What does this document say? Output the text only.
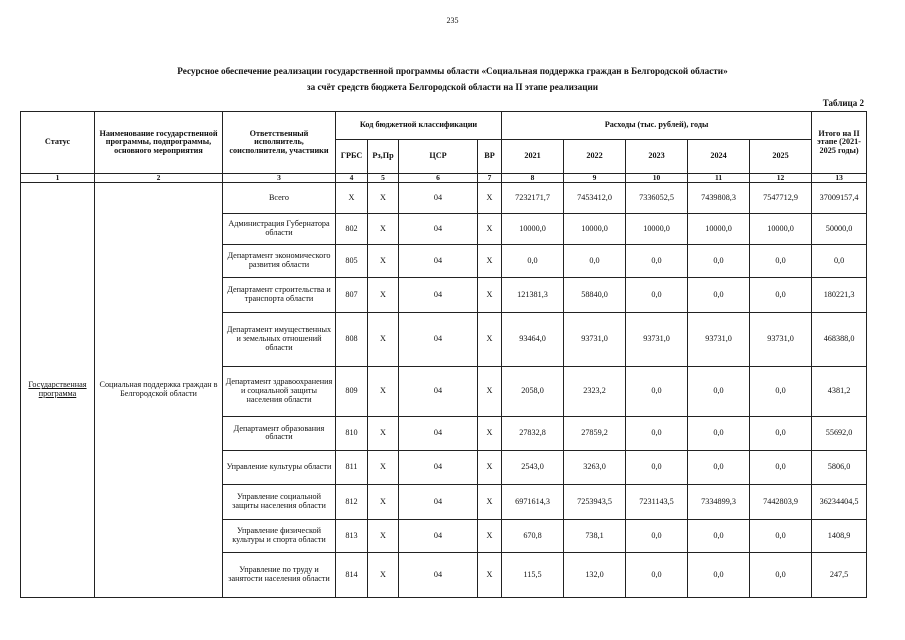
235
Ресурсное обеспечение реализации государственной программы области «Социальная поддержка граждан в Белгородской области»
за счёт средств бюджета Белгородской области на II этапе реализации
Таблица 2
Статус	Наименование государственной программы, подпрограммы, основного мероприятия	Ответственный исполнитель, соисполнители, участники	Код бюджетной классификации				Расходы (тыс. рублей), годы					Итого на II этапе (2021-2025 годы)
			ГРБС	Рз,Пр	ЦСР	ВР	2021	2022	2023	2024	2025	
1	2	3	4	5	6	7	8	9	10	11	12	13
Государственная программа	Социальная поддержка граждан в Белгородской области	Всего	Х	Х	04	Х	7232171,7	7453412,0	7336052,5	7439808,3	7547712,9	37009157,4
		Администрация Губернатора области	802	Х	04	Х	10000,0	10000,0	10000,0	10000,0	10000,0	50000,0
		Департамент экономического развития области	805	Х	04	Х	0,0	0,0	0,0	0,0	0,0	0,0
		Департамент строительства и транспорта области	807	Х	04	Х	121381,3	58840,0	0,0	0,0	0,0	180221,3
		Департамент имущественных и земельных отношений области	808	Х	04	Х	93464,0	93731,0	93731,0	93731,0	93731,0	468388,0
		Департамент здравоохранения и социальной защиты населения области	809	Х	04	Х	2058,0	2323,2	0,0	0,0	0,0	4381,2
		Департамент образования области	810	Х	04	Х	27832,8	27859,2	0,0	0,0	0,0	55692,0
		Управление культуры области	811	Х	04	Х	2543,0	3263,0	0,0	0,0	0,0	5806,0
		Управление социальной защиты населения области	812	Х	04	Х	6971614,3	7253943,5	7231143,5	7334899,3	7442803,9	36234404,5
		Управление физической культуры и спорта области	813	Х	04	Х	670,8	738,1	0,0	0,0	0,0	1408,9
		Управление по труду и занятости населения области	814	Х	04	Х	115,5	132,0	0,0	0,0	0,0	247,5
